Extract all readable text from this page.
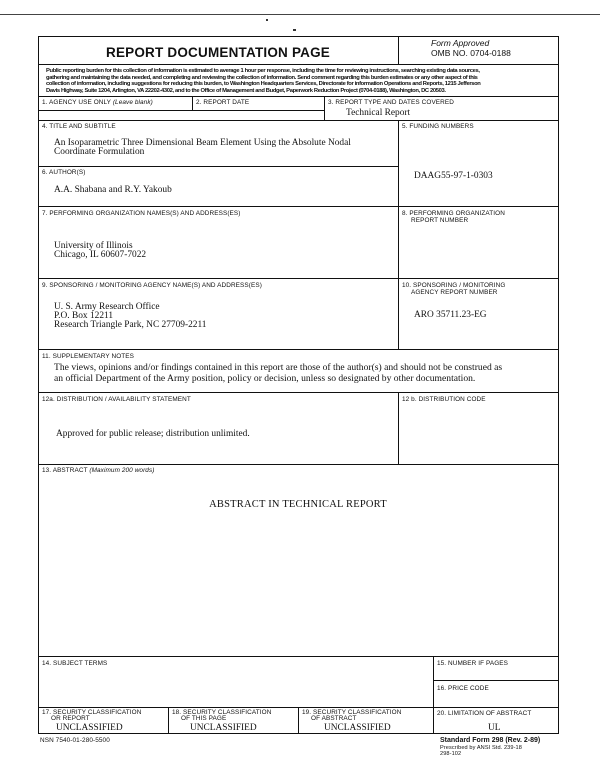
REPORT DOCUMENTATION PAGE
Form Approved
OMB NO. 0704-0188
Public reporting burden for this collection of information is estimated to average 1 hour per response, including the time for reviewing instructions, searching existing data sources,
gathering and maintaining the data needed, and completing and reviewing the collection of information. Send comment regarding this burden estimates or any other aspect of this
collection of information, including suggestions for reducing this burden, to Washington Headquarters Services, Directorate for information Operations and Reports, 1215 Jefferson
Davis Highway, Suite 1204, Arlington, VA 22202-4302, and to the Office of Management and Budget, Paperwork Reduction Project (0704-0188), Washington, DC 20503.
1. AGENCY USE ONLY (Leave blank)	2. REPORT DATE	3. REPORT TYPE AND DATES COVERED
Technical Report
4. TITLE AND SUBTITLE
An Isoparametric Three Dimensional Beam Element Using the Absolute Nodal
Coordinate Formulation
5. FUNDING NUMBERS
DAAG55-97-1-0303
6. AUTHOR(S)
A.A. Shabana and R.Y. Yakoub
7. PERFORMING ORGANIZATION NAMES(S) AND ADDRESS(ES)
University of Illinois
Chicago, IL 60607-7022
8. PERFORMING ORGANIZATION
REPORT NUMBER
9. SPONSORING / MONITORING AGENCY NAME(S) AND ADDRESS(ES)
U. S. Army Research Office
P.O. Box 12211
Research Triangle Park, NC 27709-2211
10. SPONSORING / MONITORING
AGENCY REPORT NUMBER
ARO 35711.23-EG
11. SUPPLEMENTARY NOTES
The views, opinions and/or findings contained in this report are those of the author(s) and should not be construed as
an official Department of the Army position, policy or decision, unless so designated by other documentation.
12a. DISTRIBUTION / AVAILABILITY STATEMENT
Approved for public release; distribution unlimited.
12 b. DISTRIBUTION CODE
13. ABSTRACT (Maximum 200 words)
ABSTRACT IN TECHNICAL REPORT
14. SUBJECT TERMS	15. NUMBER IF PAGES
16. PRICE CODE
17. SECURITY CLASSIFICATION
OR REPORT
UNCLASSIFIED
18. SECURITY CLASSIFICATION
OF THIS PAGE
UNCLASSIFIED
19. SECURITY CLASSIFICATION
OF ABSTRACT
UNCLASSIFIED
20. LIMITATION OF ABSTRACT
UL
NSN 7540-01-280-5500	Standard Form 298 (Rev. 2-89)
Prescribed by ANSI Std. 239-18
298-102
